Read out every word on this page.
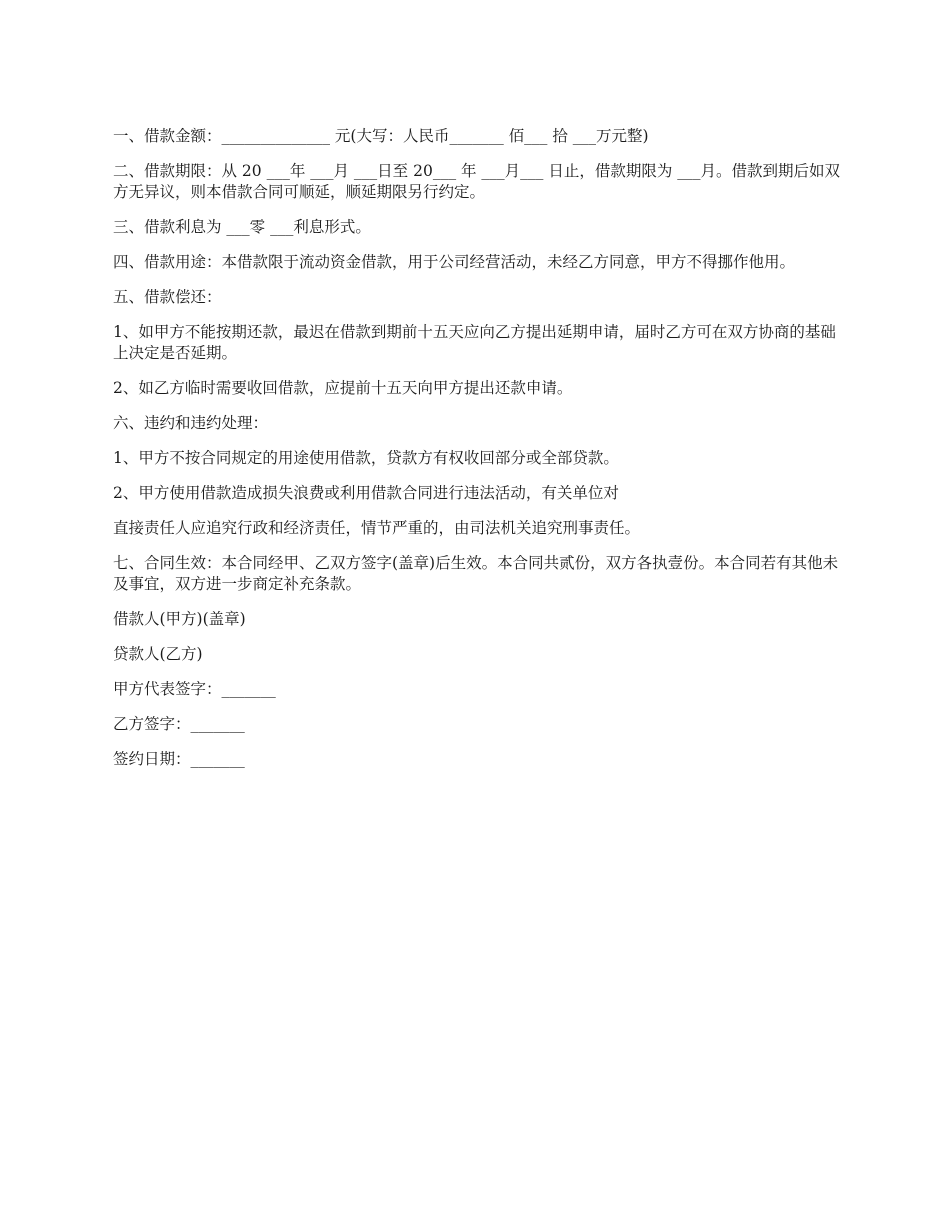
一、借款金额：______________ 元(大写：人民币_______ 佰___ 拾 ___万元整)

二、借款期限：从 20 ___年 ___月 ___日至 20___ 年 ___月___ 日止，借款期限为 ___月。借款到期后如双方无异议，则本借款合同可顺延，顺延期限另行约定。

三、借款利息为 ___零 ___利息形式。

四、借款用途：本借款限于流动资金借款，用于公司经营活动，未经乙方同意，甲方不得挪作他用。

五、借款偿还：

1、如甲方不能按期还款，最迟在借款到期前十五天应向乙方提出延期申请，届时乙方可在双方协商的基础上决定是否延期。

2、如乙方临时需要收回借款，应提前十五天向甲方提出还款申请。

六、违约和违约处理：

1、甲方不按合同规定的用途使用借款，贷款方有权收回部分或全部贷款。

2、甲方使用借款造成损失浪费或利用借款合同进行违法活动，有关单位对

直接责任人应追究行政和经济责任，情节严重的，由司法机关追究刑事责任。

七、合同生效：本合同经甲、乙双方签字(盖章)后生效。本合同共贰份，双方各执壹份。本合同若有其他未及事宜，双方进一步商定补充条款。

借款人(甲方)(盖章)

贷款人(乙方)

甲方代表签字：_______

乙方签字：_______

签约日期：_______
